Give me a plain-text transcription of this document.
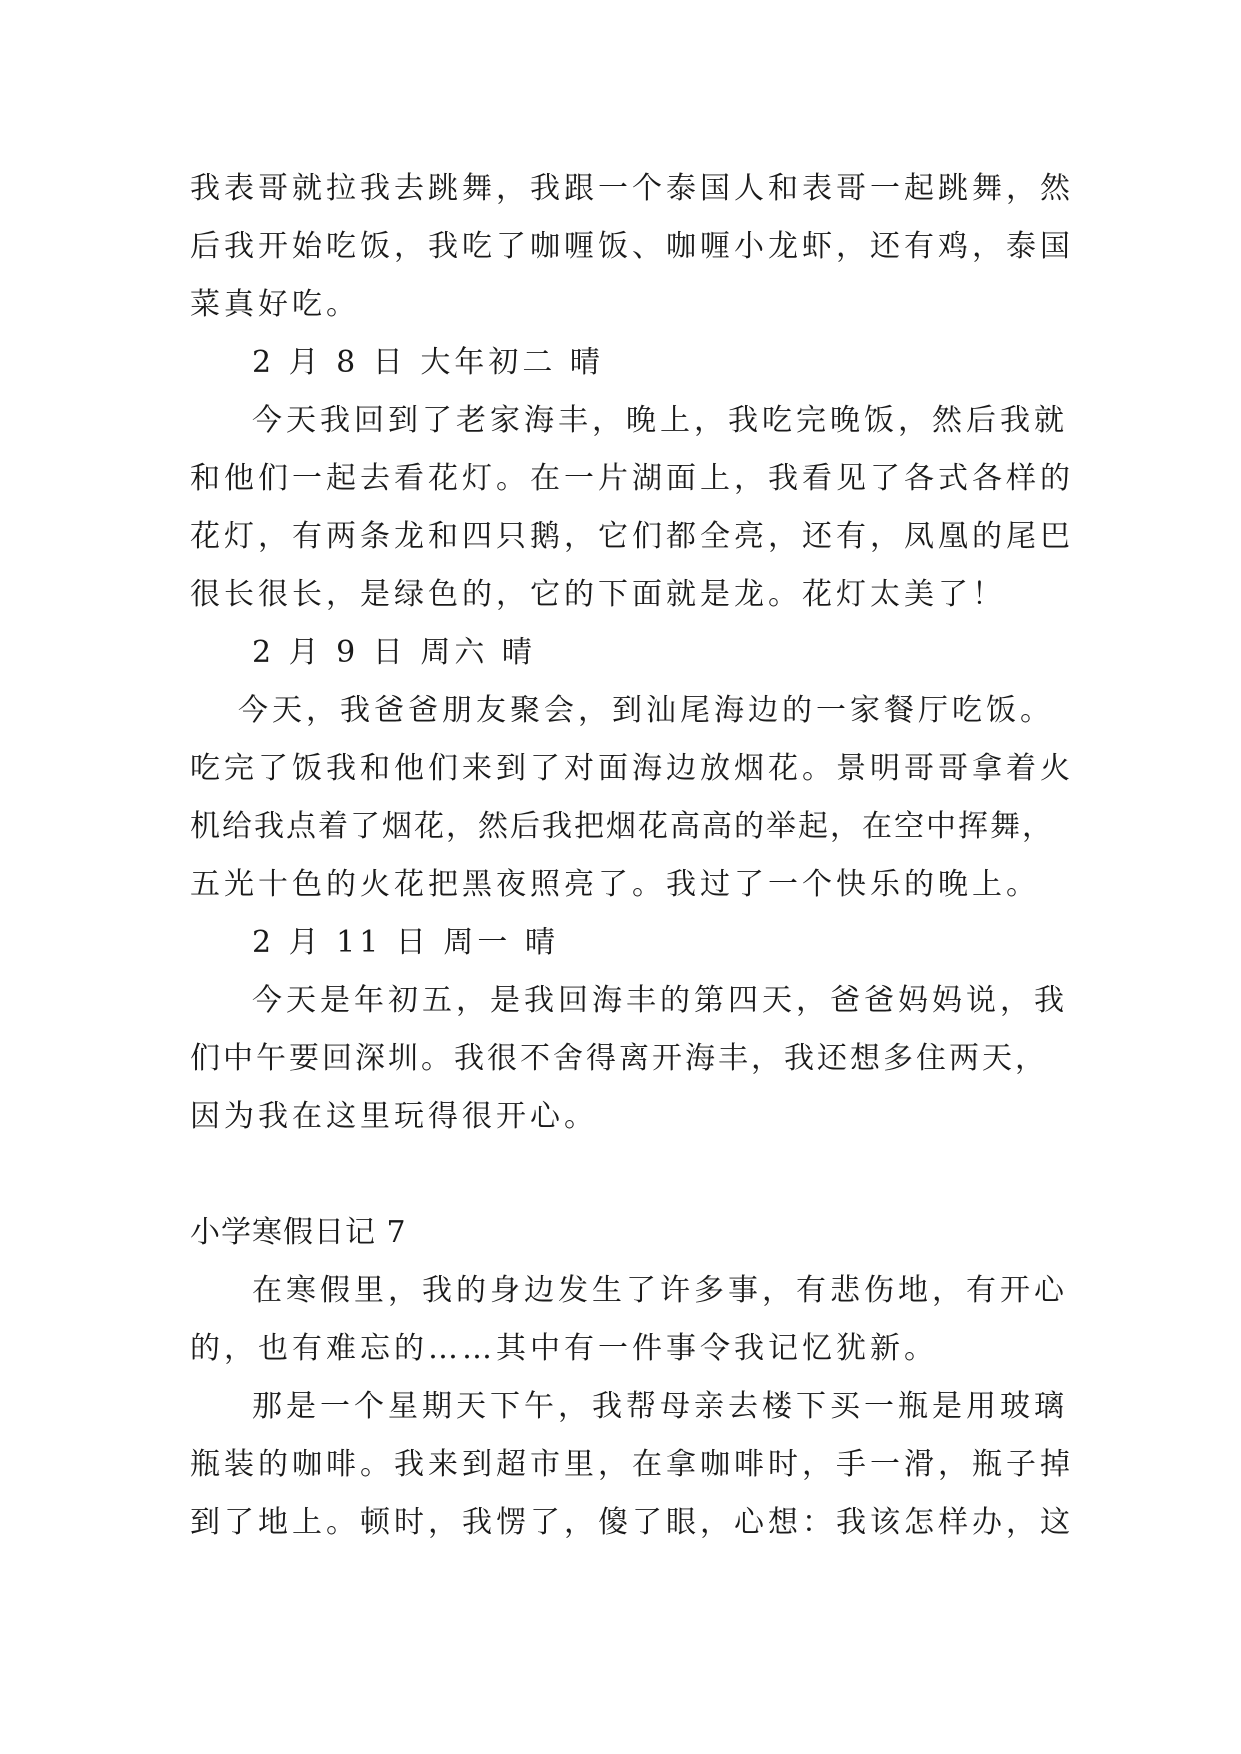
我表哥就拉我去跳舞，我跟一个泰国人和表哥一起跳舞，然
后我开始吃饭，我吃了咖喱饭、咖喱小龙虾，还有鸡，泰国
菜真好吃。
2 月 8 日 大年初二 晴
今天我回到了老家海丰，晚上，我吃完晚饭，然后我就
和他们一起去看花灯。在一片湖面上，我看见了各式各样的
花灯，有两条龙和四只鹅，它们都全亮，还有，凤凰的尾巴
很长很长，是绿色的，它的下面就是龙。花灯太美了！
2 月 9 日 周六 晴
今天，我爸爸朋友聚会，到汕尾海边的一家餐厅吃饭。
吃完了饭我和他们来到了对面海边放烟花。景明哥哥拿着火
机给我点着了烟花，然后我把烟花高高的举起，在空中挥舞，
五光十色的火花把黑夜照亮了。我过了一个快乐的晚上。
2 月 11 日 周一 晴
今天是年初五，是我回海丰的第四天，爸爸妈妈说，我
们中午要回深圳。我很不舍得离开海丰，我还想多住两天，
因为我在这里玩得很开心。
小学寒假日记 7
在寒假里，我的身边发生了许多事，有悲伤地，有开心
的，也有难忘的……其中有一件事令我记忆犹新。
那是一个星期天下午，我帮母亲去楼下买一瓶是用玻璃
瓶装的咖啡。我来到超市里，在拿咖啡时，手一滑，瓶子掉
到了地上。顿时，我愣了，傻了眼，心想：我该怎样办，这
